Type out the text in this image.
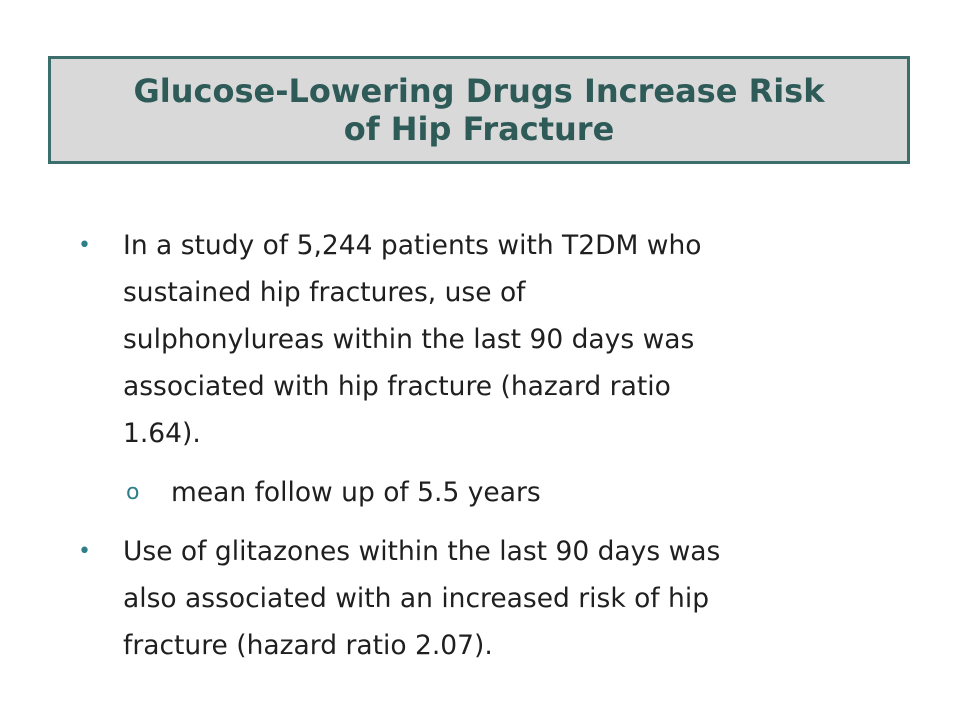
Glucose-Lowering Drugs Increase Risk
of Hip Fracture
•	In a study of 5,244 patients with T2DM who
sustained hip fractures, use of
sulphonylureas within the last 90 days was
associated with hip fracture (hazard ratio
1.64).
o	mean follow up of 5.5 years
•	Use of glitazones within the last 90 days was
also associated with an increased risk of hip
fracture (hazard ratio 2.07).
